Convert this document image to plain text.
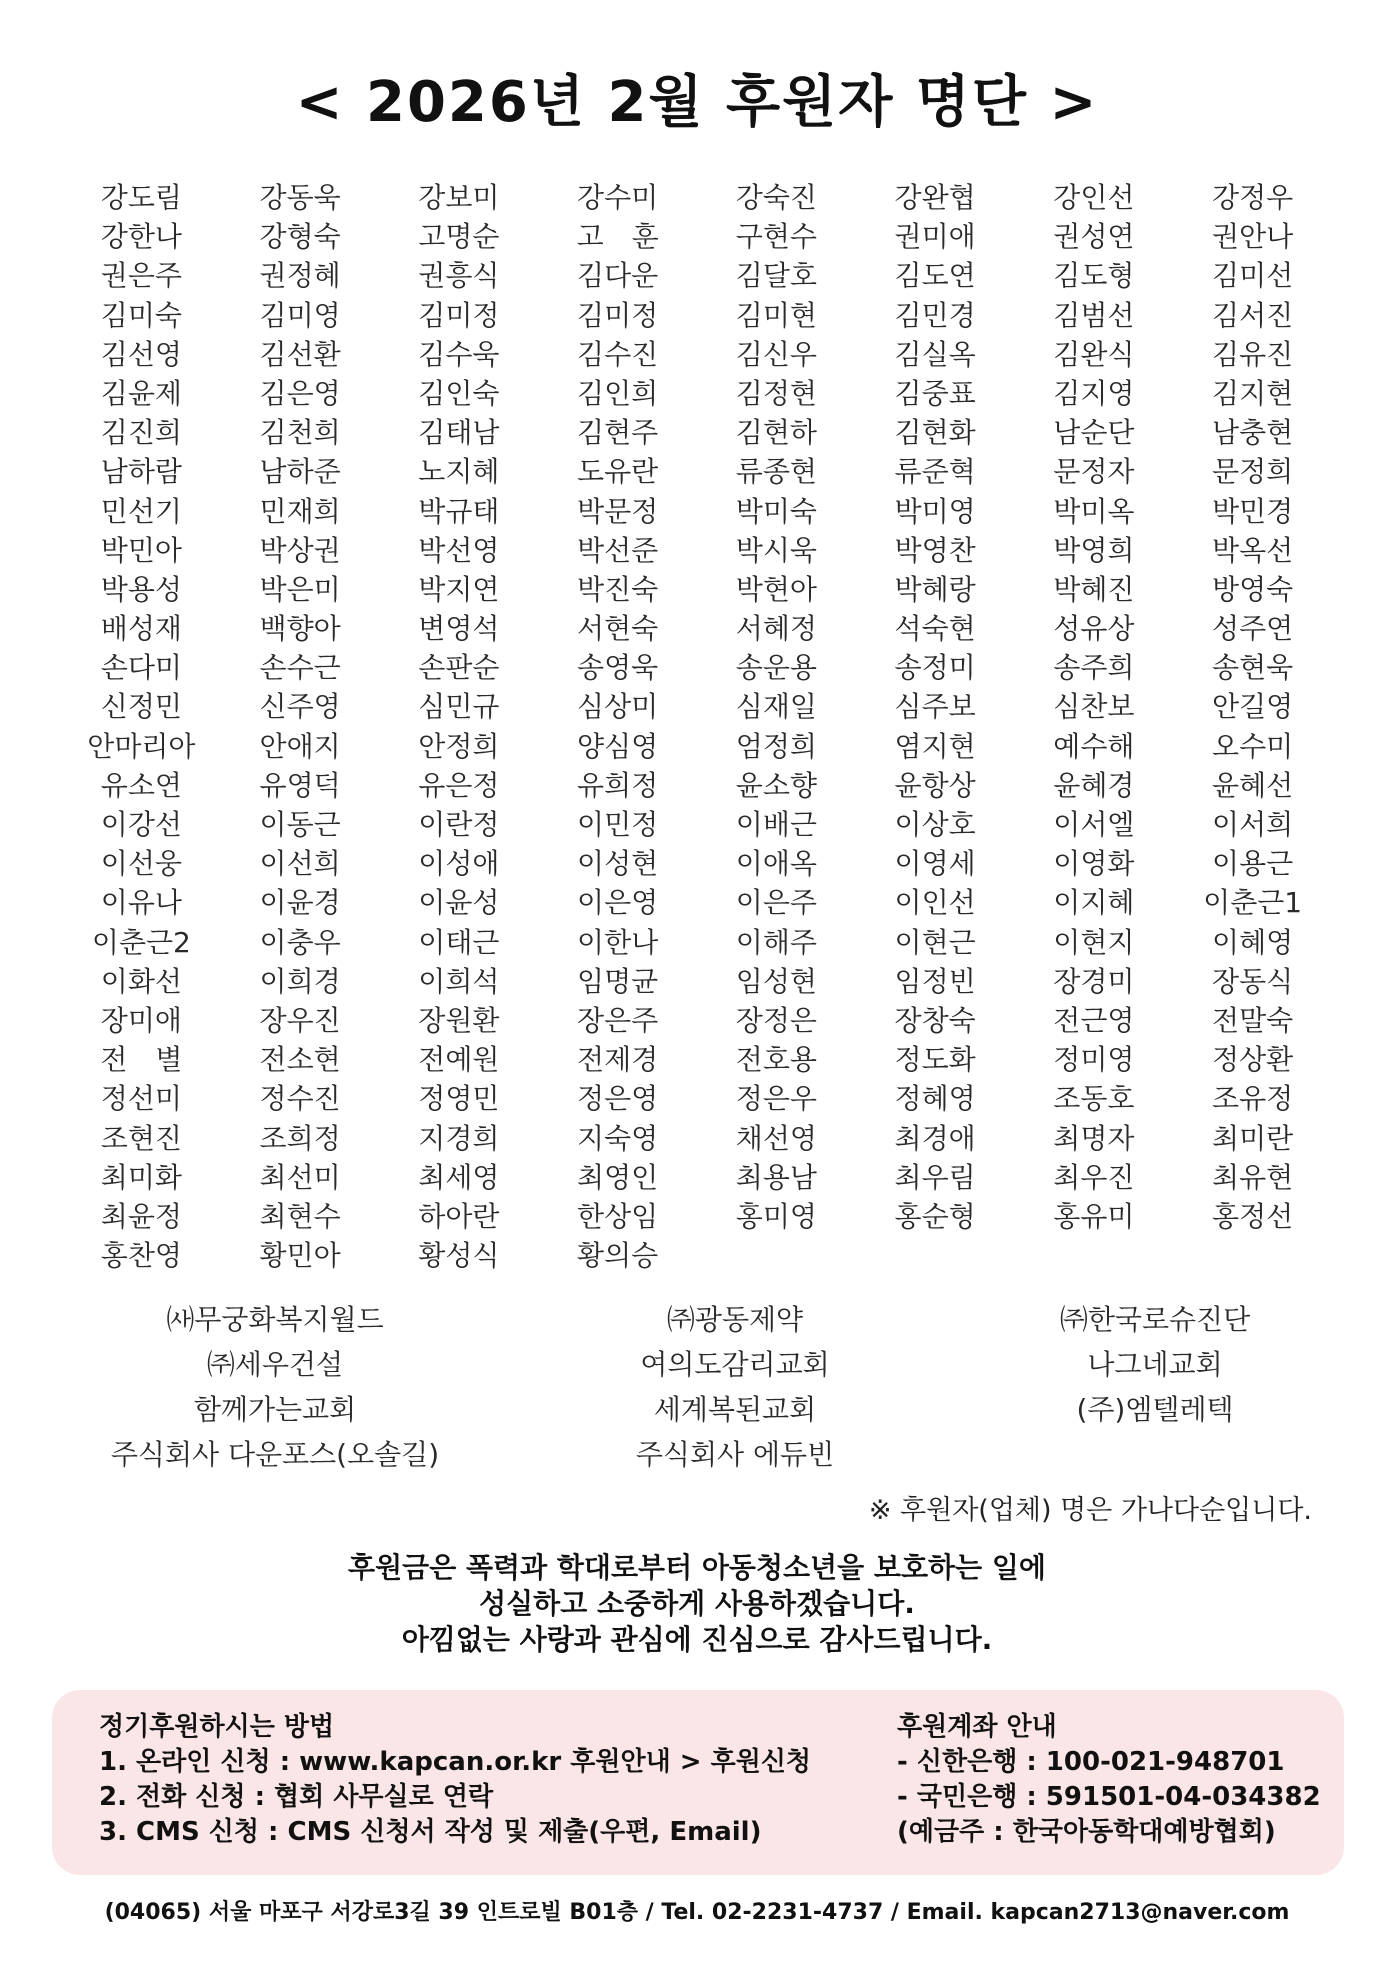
< 2026년 2월 후원자 명단 >
강도림	강동욱	강보미	강수미	강숙진	강완협	강인선	강정우
강한나	강형숙	고명순	고　훈	구현수	권미애	권성연	권안나
권은주	권정혜	권흥식	김다운	김달호	김도연	김도형	김미선
김미숙	김미영	김미정	김미정	김미현	김민경	김범선	김서진
김선영	김선환	김수욱	김수진	김신우	김실옥	김완식	김유진
김윤제	김은영	김인숙	김인희	김정현	김중표	김지영	김지현
김진희	김천희	김태남	김현주	김현하	김현화	남순단	남충현
남하람	남하준	노지혜	도유란	류종현	류준혁	문정자	문정희
민선기	민재희	박규태	박문정	박미숙	박미영	박미옥	박민경
박민아	박상권	박선영	박선준	박시욱	박영찬	박영희	박옥선
박용성	박은미	박지연	박진숙	박현아	박혜랑	박혜진	방영숙
배성재	백향아	변영석	서현숙	서혜정	석숙현	성유상	성주연
손다미	손수근	손판순	송영욱	송운용	송정미	송주희	송현욱
신정민	신주영	심민규	심상미	심재일	심주보	심찬보	안길영
안마리아	안애지	안정희	양심영	엄정희	염지현	예수해	오수미
유소연	유영덕	유은정	유희정	윤소향	윤항상	윤혜경	윤혜선
이강선	이동근	이란정	이민정	이배근	이상호	이서엘	이서희
이선웅	이선희	이성애	이성현	이애옥	이영세	이영화	이용근
이유나	이윤경	이윤성	이은영	이은주	이인선	이지혜	이춘근1
이춘근2	이충우	이태근	이한나	이해주	이현근	이현지	이혜영
이화선	이희경	이희석	임명균	임성현	임정빈	장경미	장동식
장미애	장우진	장원환	장은주	장정은	장창숙	전근영	전말숙
전　별	전소현	전예원	전제경	전호용	정도화	정미영	정상환
정선미	정수진	정영민	정은영	정은우	정혜영	조동호	조유정
조현진	조희정	지경희	지숙영	채선영	최경애	최명자	최미란
최미화	최선미	최세영	최영인	최용남	최우림	최우진	최유현
최윤정	최현수	하아란	한상임	홍미영	홍순형	홍유미	홍정선
홍찬영	황민아	황성식	황의승
㈔무궁화복지월드	㈜광동제약	㈜한국로슈진단
㈜세우건설	여의도감리교회	나그네교회
함께가는교회	세계복된교회	(주)엠텔레텍
주식회사 다운포스(오솔길)	주식회사 에듀빈
※ 후원자(업체) 명은 가나다순입니다.
후원금은 폭력과 학대로부터 아동청소년을 보호하는 일에
성실하고 소중하게 사용하겠습니다.
아낌없는 사랑과 관심에 진심으로 감사드립니다.
정기후원하시는 방법
1. 온라인 신청 : www.kapcan.or.kr 후원안내 > 후원신청
2. 전화 신청 : 협회 사무실로 연락
3. CMS 신청 : CMS 신청서 작성 및 제출(우편, Email)
후원계좌 안내
- 신한은행 : 100-021-948701
- 국민은행 : 591501-04-034382
(예금주 : 한국아동학대예방협회)
(04065) 서울 마포구 서강로3길 39 인트로빌 B01층 / Tel. 02-2231-4737 / Email. kapcan2713@naver.com
